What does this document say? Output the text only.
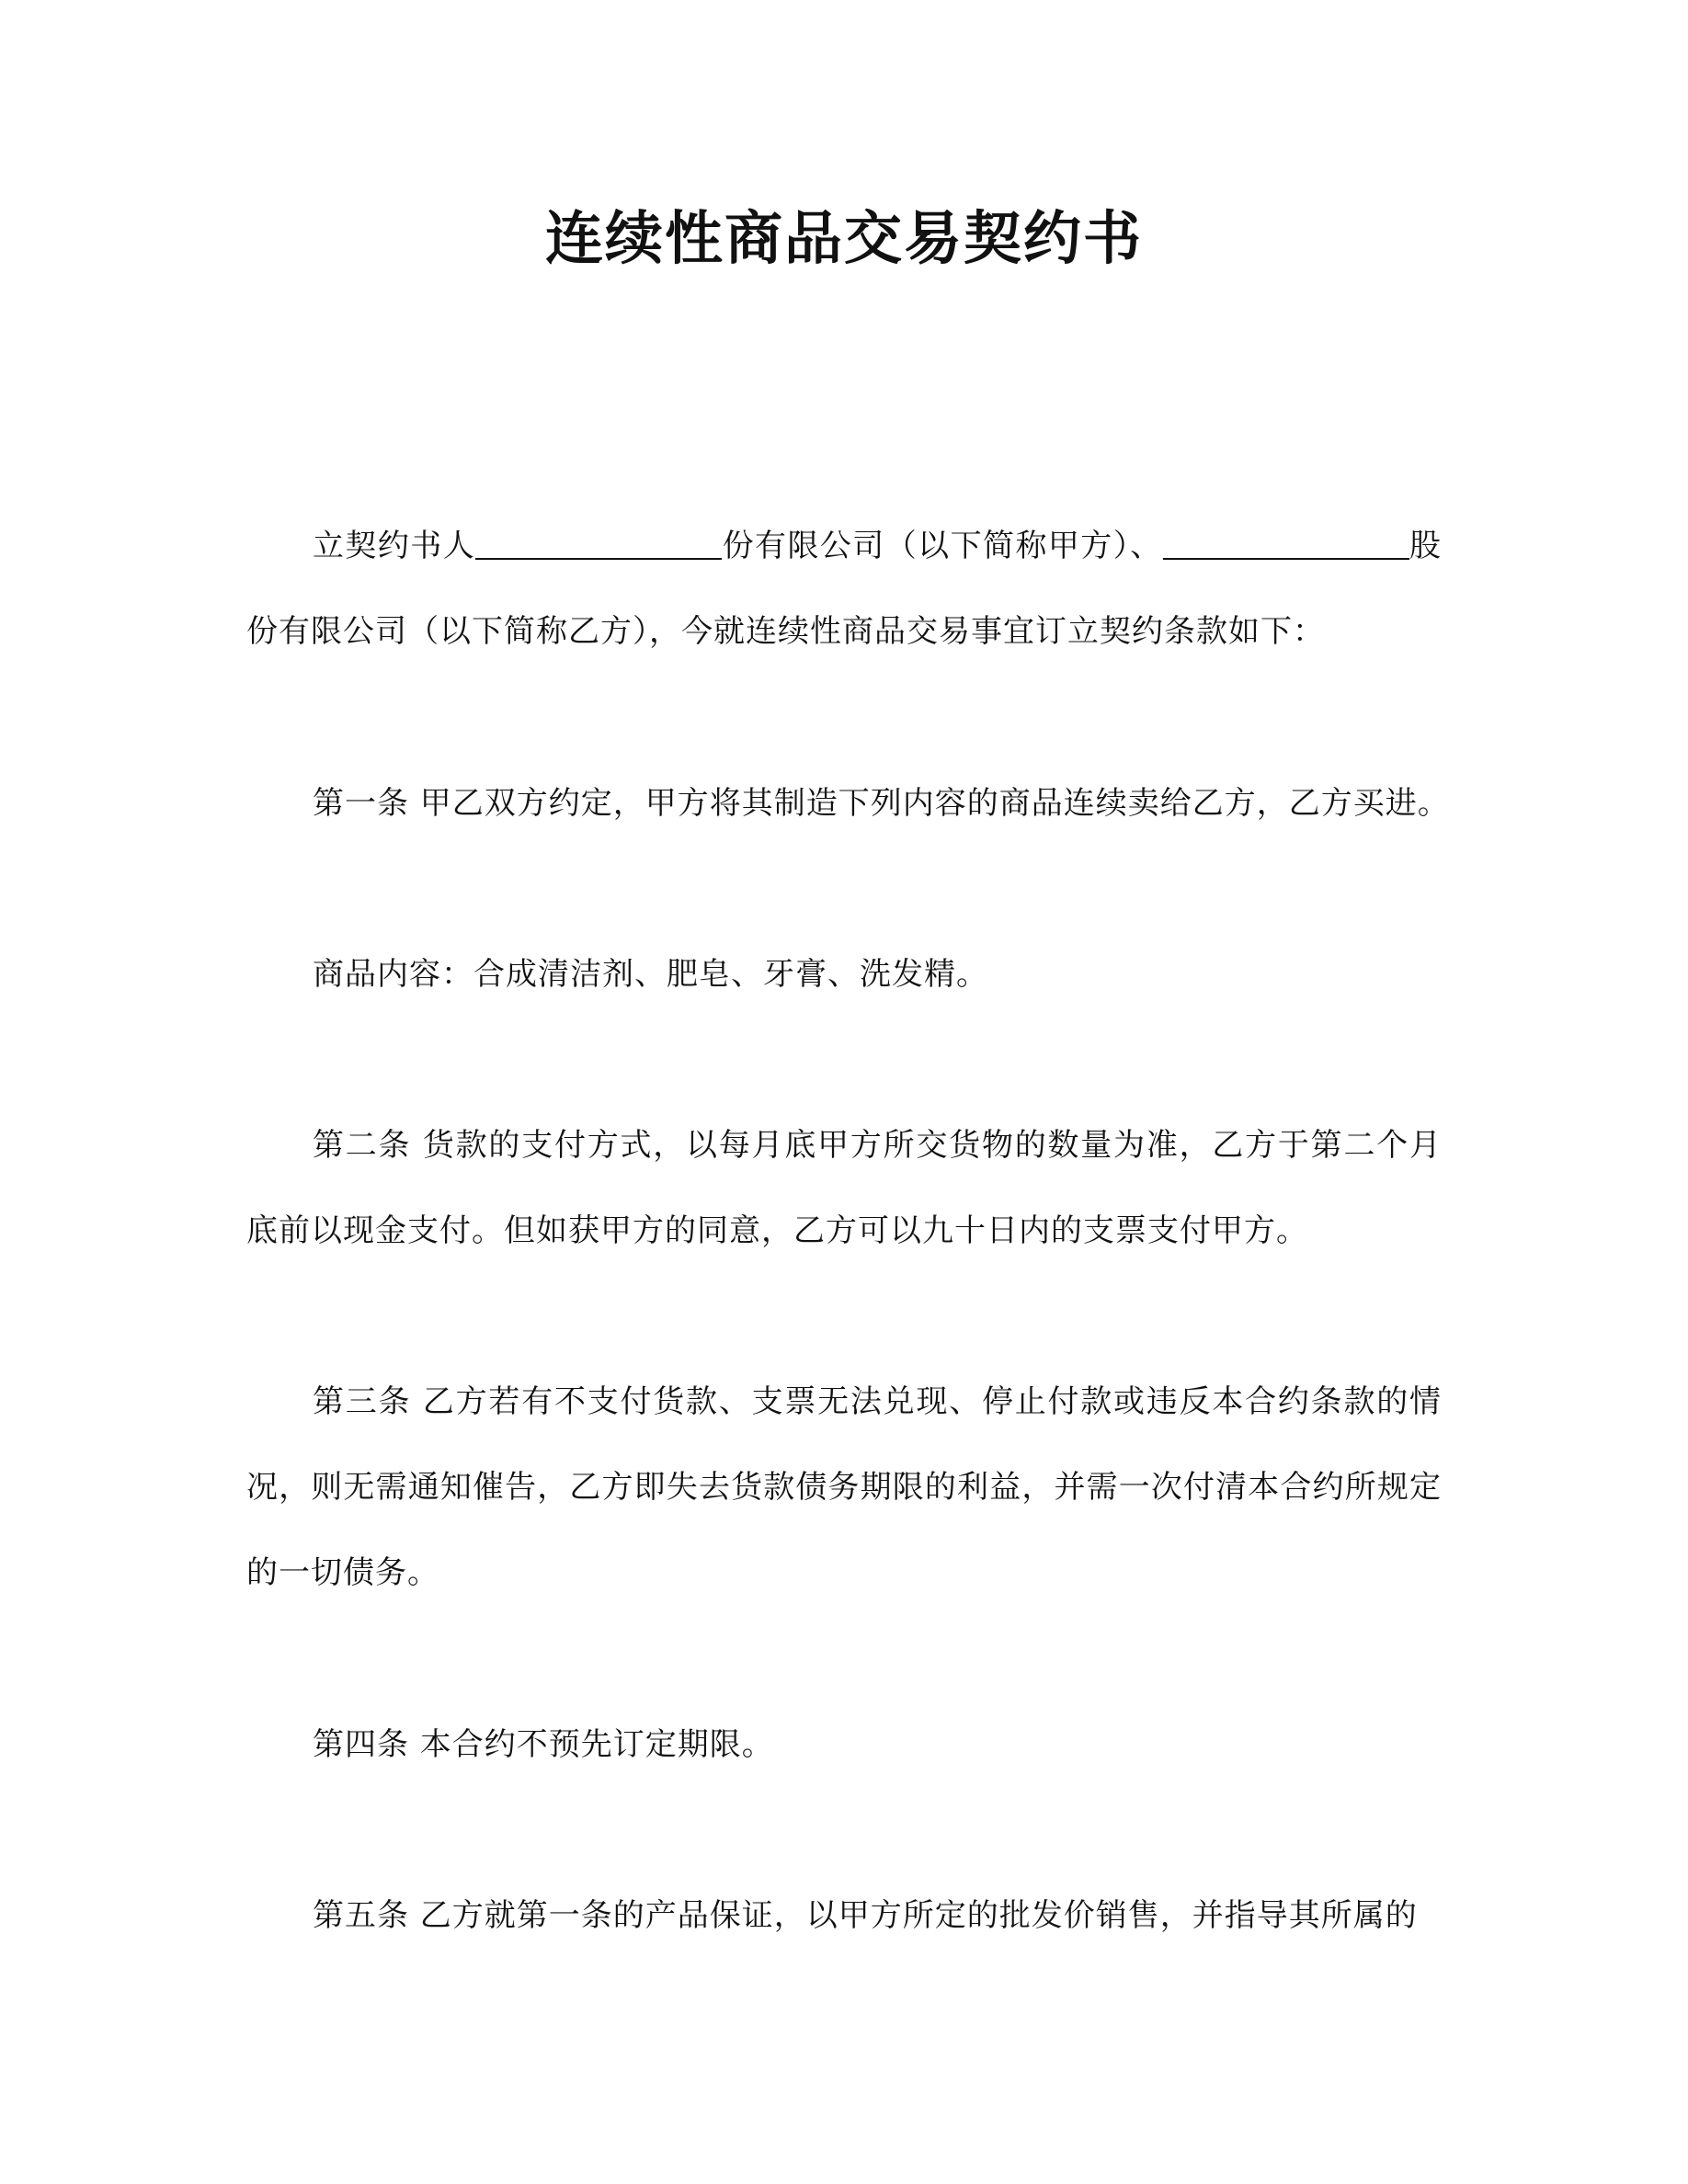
连续性商品交易契约书

立契约书人	份有限公司（以下简称甲方）、	股份有限公司（以下简称乙方），今就连续性商品交易事宜订立契约条款如下：

第一条 甲乙双方约定，甲方将其制造下列内容的商品连续卖给乙方，乙方买进。

商品内容：合成清洁剂、肥皂、牙膏、洗发精。

第二条 货款的支付方式，以每月底甲方所交货物的数量为准，乙方于第二个月底前以现金支付。但如获甲方的同意，乙方可以九十日内的支票支付甲方。

第三条 乙方若有不支付货款、支票无法兑现、停止付款或违反本合约条款的情况，则无需通知催告，乙方即失去货款债务期限的利益，并需一次付清本合约所规定的一切债务。

第四条 本合约不预先订定期限。

第五条 乙方就第一条的产品保证，以甲方所定的批发价销售，并指导其所属的
